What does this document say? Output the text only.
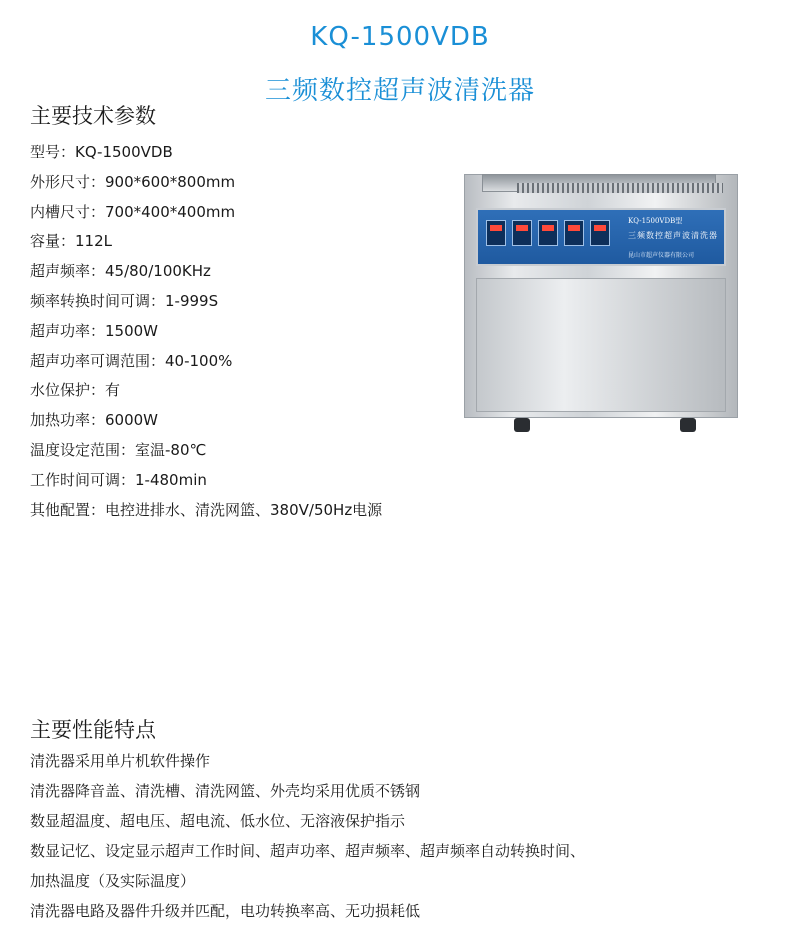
KQ-1500VDB
三频数控超声波清洗器
主要技术参数
型号：KQ-1500VDB
外形尺寸：900*600*800mm
内槽尺寸：700*400*400mm
容量：112L
超声频率：45/80/100KHz
频率转换时间可调：1-999S
超声功率：1500W
超声功率可调范围：40-100%
水位保护：有
加热功率：6000W
温度设定范围：室温-80℃
工作时间可调：1-480min
其他配置：电控进排水、清洗网篮、380V/50Hz电源
KQ-1500VDB型
三频数控超声波清洗器
昆山市超声仪器有限公司
主要性能特点
清洗器采用单片机软件操作
清洗器降音盖、清洗槽、清洗网篮、外壳均采用优质不锈钢
数显超温度、超电压、超电流、低水位、无溶液保护指示
数显记忆、设定显示超声工作时间、超声功率、超声频率、超声频率自动转换时间、
加热温度（及实际温度）
清洗器电路及器件升级并匹配，电功转换率高、无功损耗低
